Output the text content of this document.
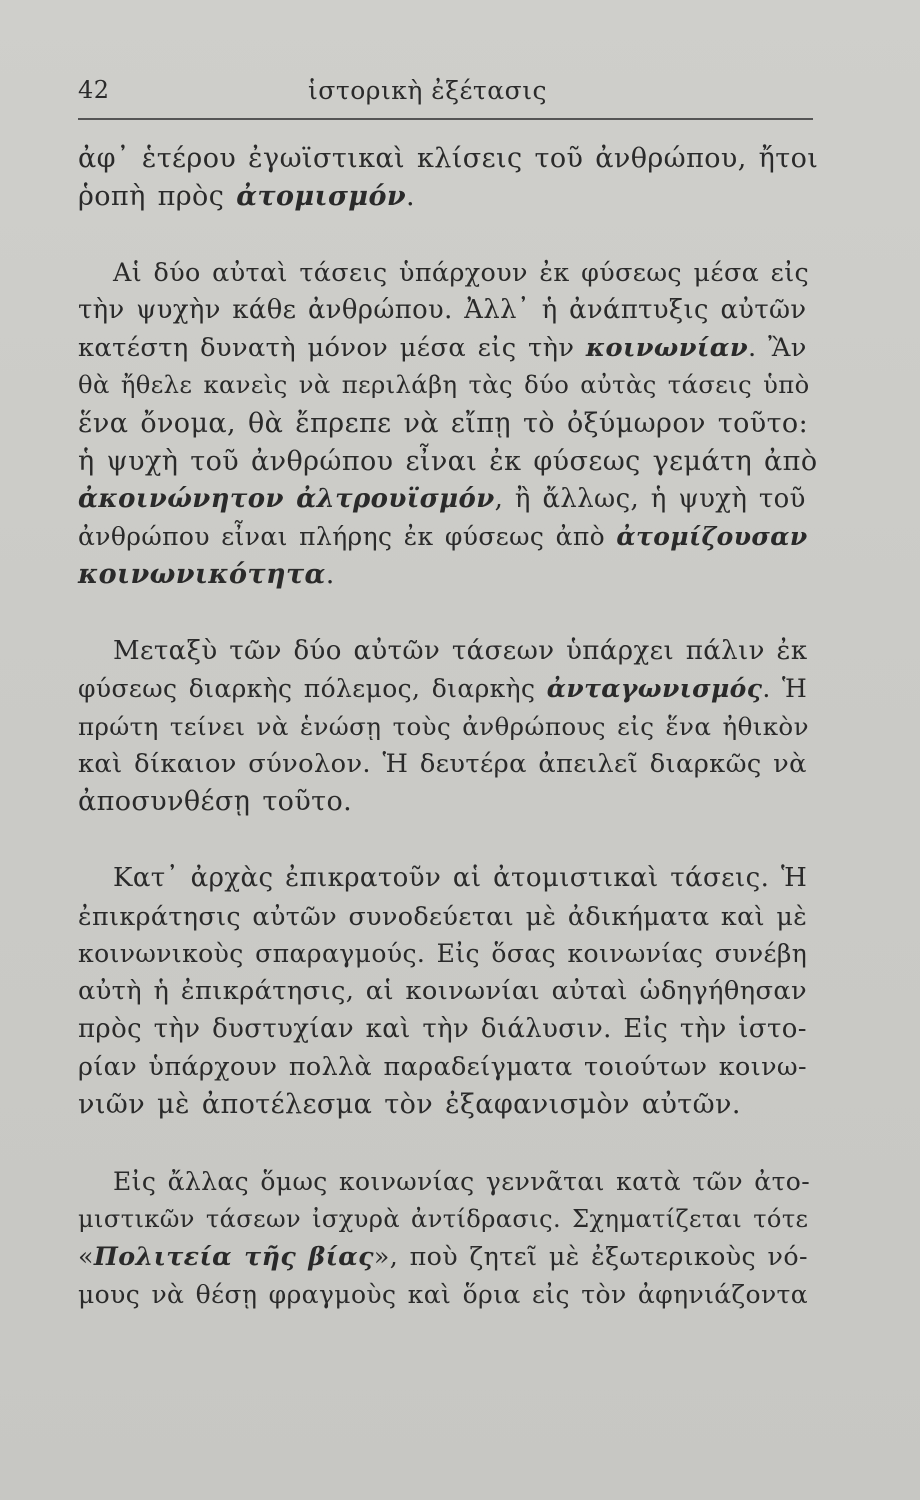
42	ἱστορικὴ ἐξέτασις
ἀφ᾽ ἑτέρου ἐγωϊστικαὶ κλίσεις τοῦ ἀνθρώπου, ἤτοι
ῥοπὴ πρὸς ἀτομισμόν.
Αἱ δύο αὐταὶ τάσεις ὑπάρχουν ἐκ φύσεως μέσα εἰς
τὴν ψυχὴν κάθε ἀνθρώπου. Ἀλλ᾽ ἡ ἀνάπτυξις αὐτῶν
κατέστη δυνατὴ μόνον μέσα εἰς τὴν κοινωνίαν. Ἂν
θὰ ἤθελε κανεὶς νὰ περιλάβη τὰς δύο αὐτὰς τάσεις ὑπὸ
ἕνα ὄνομα, θὰ ἔπρεπε νὰ εἴπῃ τὸ ὀξύμωρον τοῦτο:
ἡ ψυχὴ τοῦ ἀνθρώπου εἶναι ἐκ φύσεως γεμάτη ἀπὸ
ἀκοινώνητον ἀλτρουϊσμόν, ἢ ἄλλως, ἡ ψυχὴ τοῦ
ἀνθρώπου εἶναι πλήρης ἐκ φύσεως ἀπὸ ἀτομίζουσαν
κοινωνικότητα.
Μεταξὺ τῶν δύο αὐτῶν τάσεων ὑπάρχει πάλιν ἐκ
φύσεως διαρκὴς πόλεμος, διαρκὴς ἀνταγωνισμός. Ἡ
πρώτη τείνει νὰ ἑνώσῃ τοὺς ἀνθρώπους εἰς ἕνα ἠθικὸν
καὶ δίκαιον σύνολον. Ἡ δευτέρα ἀπειλεῖ διαρκῶς νὰ
ἀποσυνθέσῃ τοῦτο.
Κατ᾽ ἀρχὰς ἐπικρατοῦν αἱ ἀτομιστικαὶ τάσεις. Ἡ
ἐπικράτησις αὐτῶν συνοδεύεται μὲ ἀδικήματα καὶ μὲ
κοινωνικοὺς σπαραγμούς. Εἰς ὅσας κοινωνίας συνέβη
αὐτὴ ἡ ἐπικράτησις, αἱ κοινωνίαι αὐταὶ ὡδηγήθησαν
πρὸς τὴν δυστυχίαν καὶ τὴν διάλυσιν. Εἰς τὴν ἱστο-
ρίαν ὑπάρχουν πολλὰ παραδείγματα τοιούτων κοινω-
νιῶν μὲ ἀποτέλεσμα τὸν ἐξαφανισμὸν αὐτῶν.
Εἰς ἄλλας ὅμως κοινωνίας γεννᾶται κατὰ τῶν ἀτο-
μιστικῶν τάσεων ἰσχυρὰ ἀντίδρασις. Σχηματίζεται τότε
«Πολιτεία τῆς βίας», ποὺ ζητεῖ μὲ ἐξωτερικοὺς νό-
μους νὰ θέσῃ φραγμοὺς καὶ ὅρια εἰς τὸν ἀφηνιάζοντα
